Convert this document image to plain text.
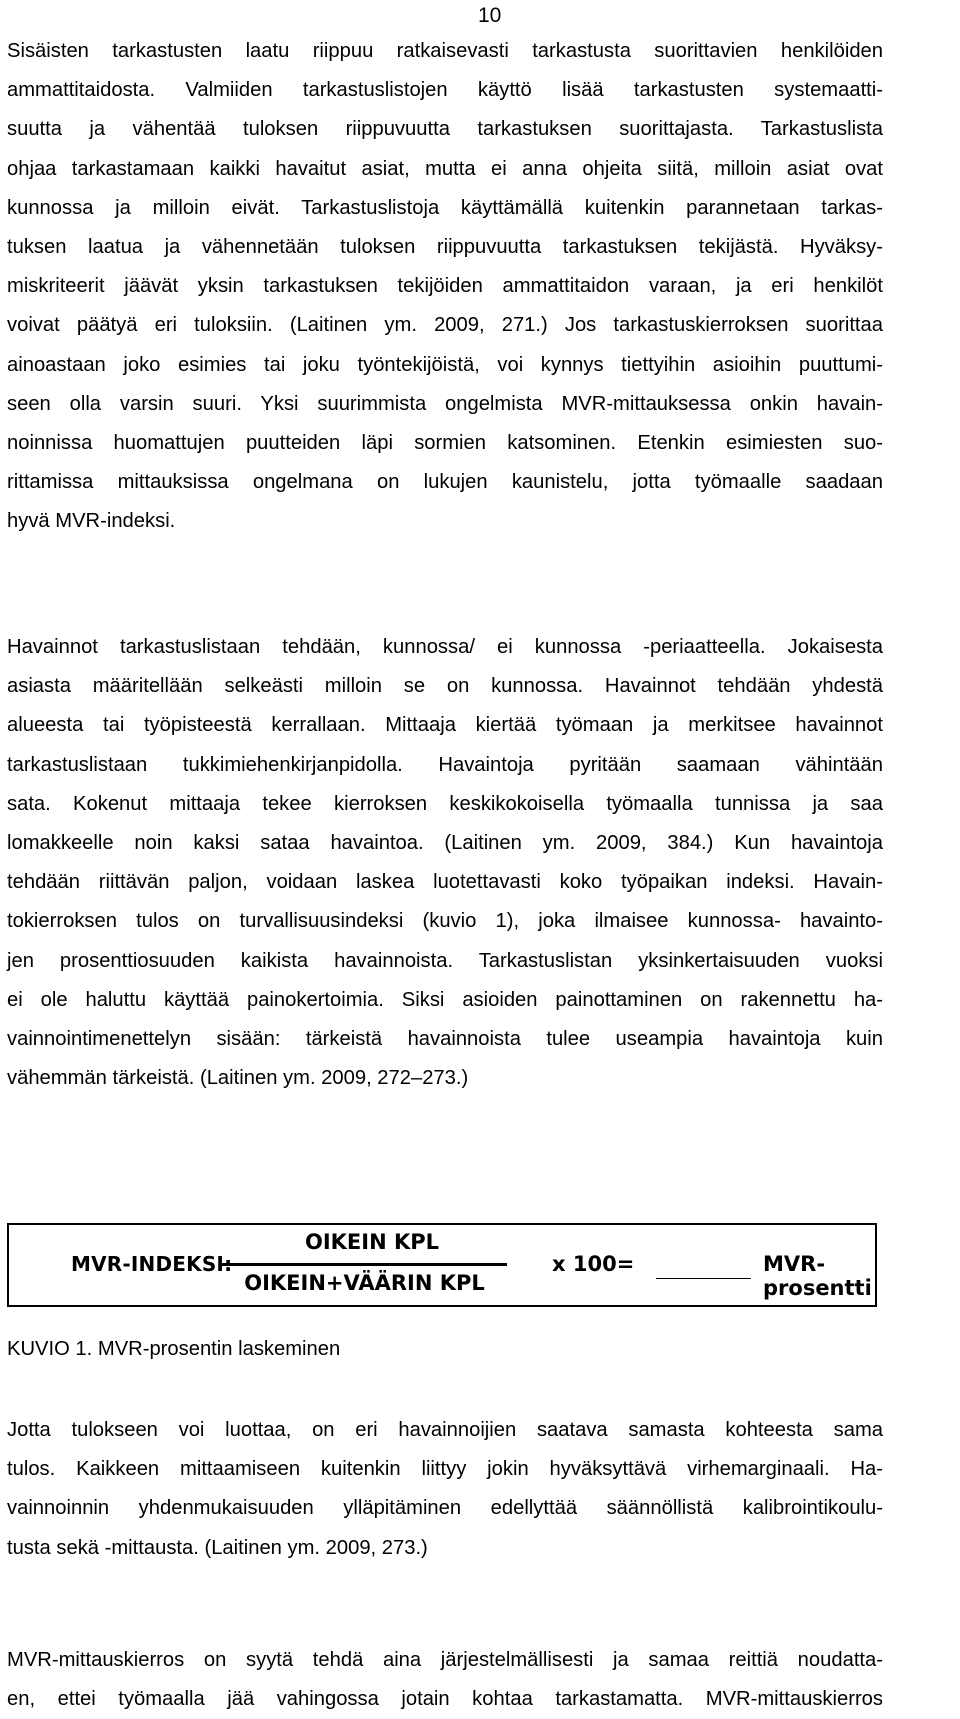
10
Sisäisten tarkastusten laatu riippuu ratkaisevasti tarkastusta suorittavien henkilöiden
ammattitaidosta. Valmiiden tarkastuslistojen käyttö lisää tarkastusten systemaatti-
suutta ja vähentää tuloksen riippuvuutta tarkastuksen suorittajasta. Tarkastuslista
ohjaa tarkastamaan kaikki havaitut asiat, mutta ei anna ohjeita siitä, milloin asiat ovat
kunnossa ja milloin eivät. Tarkastuslistoja käyttämällä kuitenkin parannetaan tarkas-
tuksen laatua ja vähennetään tuloksen riippuvuutta tarkastuksen tekijästä. Hyväksy-
miskriteerit jäävät yksin tarkastuksen tekijöiden ammattitaidon varaan, ja eri henkilöt
voivat päätyä eri tuloksiin. (Laitinen ym. 2009, 271.) Jos tarkastuskierroksen suorittaa
ainoastaan joko esimies tai joku työntekijöistä, voi kynnys tiettyihin asioihin puuttumi-
seen olla varsin suuri. Yksi suurimmista ongelmista MVR-mittauksessa onkin havain-
noinnissa huomattujen puutteiden läpi sormien katsominen. Etenkin esimiesten suo-
rittamissa mittauksissa ongelmana on lukujen kaunistelu, jotta työmaalle saadaan
hyvä MVR-indeksi.
Havainnot tarkastuslistaan tehdään, kunnossa/ ei kunnossa -periaatteella. Jokaisesta
asiasta määritellään selkeästi milloin se on kunnossa. Havainnot tehdään yhdestä
alueesta tai työpisteestä kerrallaan. Mittaaja kiertää työmaan ja merkitsee havainnot
tarkastuslistaan tukkimiehenkirjanpidolla. Havaintoja pyritään saamaan vähintään
sata. Kokenut mittaaja tekee kierroksen keskikokoisella työmaalla tunnissa ja saa
lomakkeelle noin kaksi sataa havaintoa. (Laitinen ym. 2009, 384.) Kun havaintoja
tehdään riittävän paljon, voidaan laskea luotettavasti koko työpaikan indeksi. Havain-
tokierroksen tulos on turvallisuusindeksi (kuvio 1), joka ilmaisee kunnossa- havainto-
jen prosenttiosuuden kaikista havainnoista. Tarkastuslistan yksinkertaisuuden vuoksi
ei ole haluttu käyttää painokertoimia. Siksi asioiden painottaminen on rakennettu ha-
vainnointimenettelyn sisään: tärkeistä havainnoista tulee useampia havaintoja kuin
vähemmän tärkeistä. (Laitinen ym. 2009, 272–273.)
MVR-INDEKSI:
OIKEIN KPL
OIKEIN+VÄÄRIN KPL
x 100=	MVR-prosentti
KUVIO 1. MVR-prosentin laskeminen
Jotta tulokseen voi luottaa, on eri havainnoijien saatava samasta kohteesta sama
tulos. Kaikkeen mittaamiseen kuitenkin liittyy jokin hyväksyttävä virhemarginaali. Ha-
vainnoinnin yhdenmukaisuuden ylläpitäminen edellyttää säännöllistä kalibrointikoulu-
tusta sekä -mittausta. (Laitinen ym. 2009, 273.)
MVR-mittauskierros on syytä tehdä aina järjestelmällisesti ja samaa reittiä noudatta-
en, ettei työmaalla jää vahingossa jotain kohtaa tarkastamatta. MVR-mittauskierros
